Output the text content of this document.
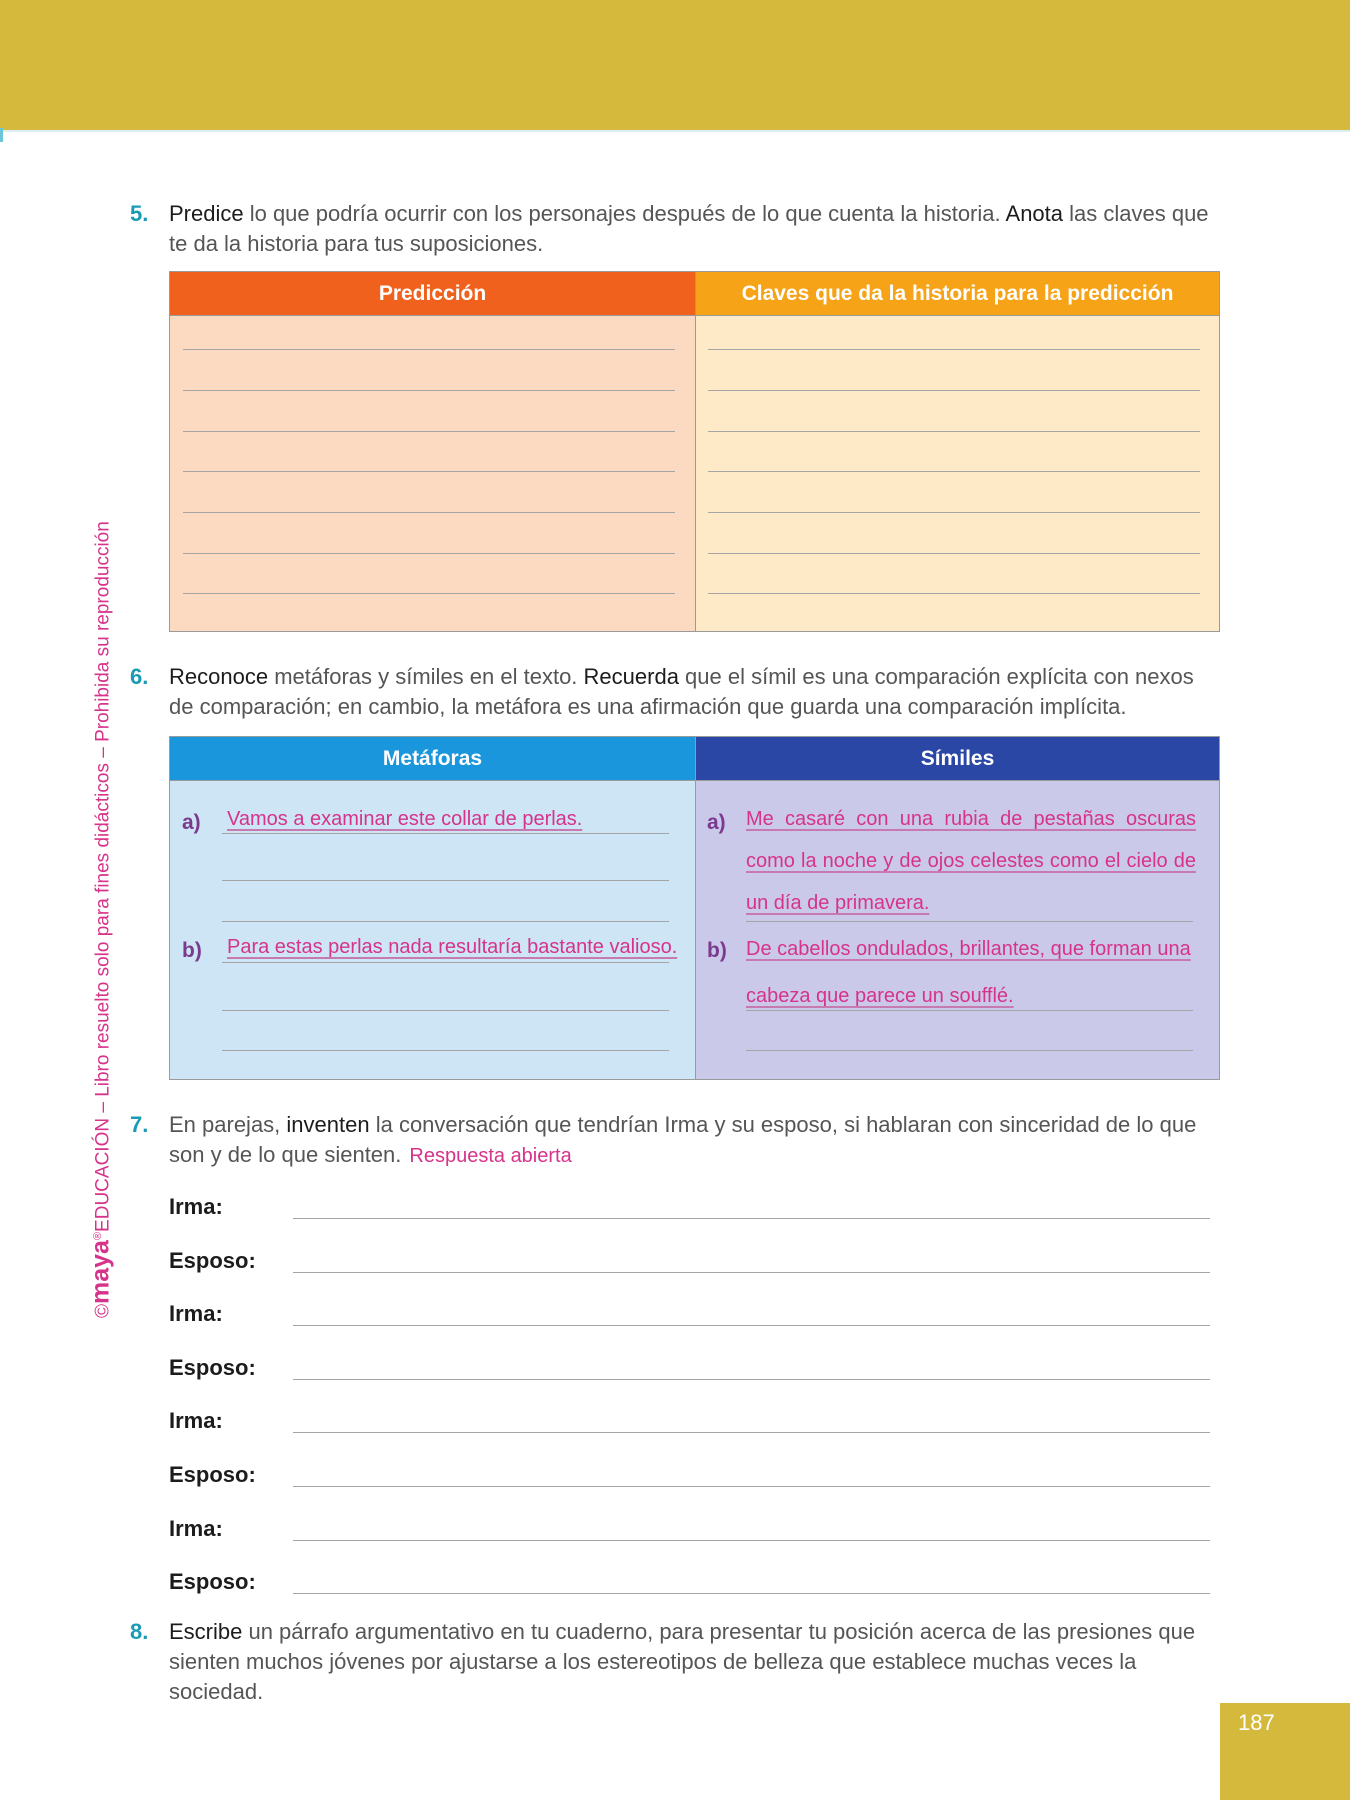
©maya®EDUCACIÓN – Libro resuelto solo para fines didácticos – Prohibida su reproducción
5. Predice lo que podría ocurrir con los personajes después de lo que cuenta la historia. Anota las claves que te da la historia para tus suposiciones.
Predicción	Claves que da la historia para la predicción
6. Reconoce metáforas y símiles en el texto. Recuerda que el símil es una comparación explícita con nexos de comparación; en cambio, la metáfora es una afirmación que guarda una comparación implícita.
Metáforas	Símiles
a) Vamos a examinar este collar de perlas.
b) Para estas perlas nada resultaría bastante valioso.
a) Me casaré con una rubia de pestañas oscuras como la noche y de ojos celestes como el cielo de un día de primavera.
b) De cabellos ondulados, brillantes, que forman una cabeza que parece un soufflé.
7. En parejas, inventen la conversación que tendrían Irma y su esposo, si hablaran con sinceridad de lo que son y de lo que sienten. Respuesta abierta
Irma:
Esposo:
Irma:
Esposo:
Irma:
Esposo:
Irma:
Esposo:
8. Escribe un párrafo argumentativo en tu cuaderno, para presentar tu posición acerca de las presiones que sienten muchos jóvenes por ajustarse a los estereotipos de belleza que establece muchas veces la sociedad.
187
